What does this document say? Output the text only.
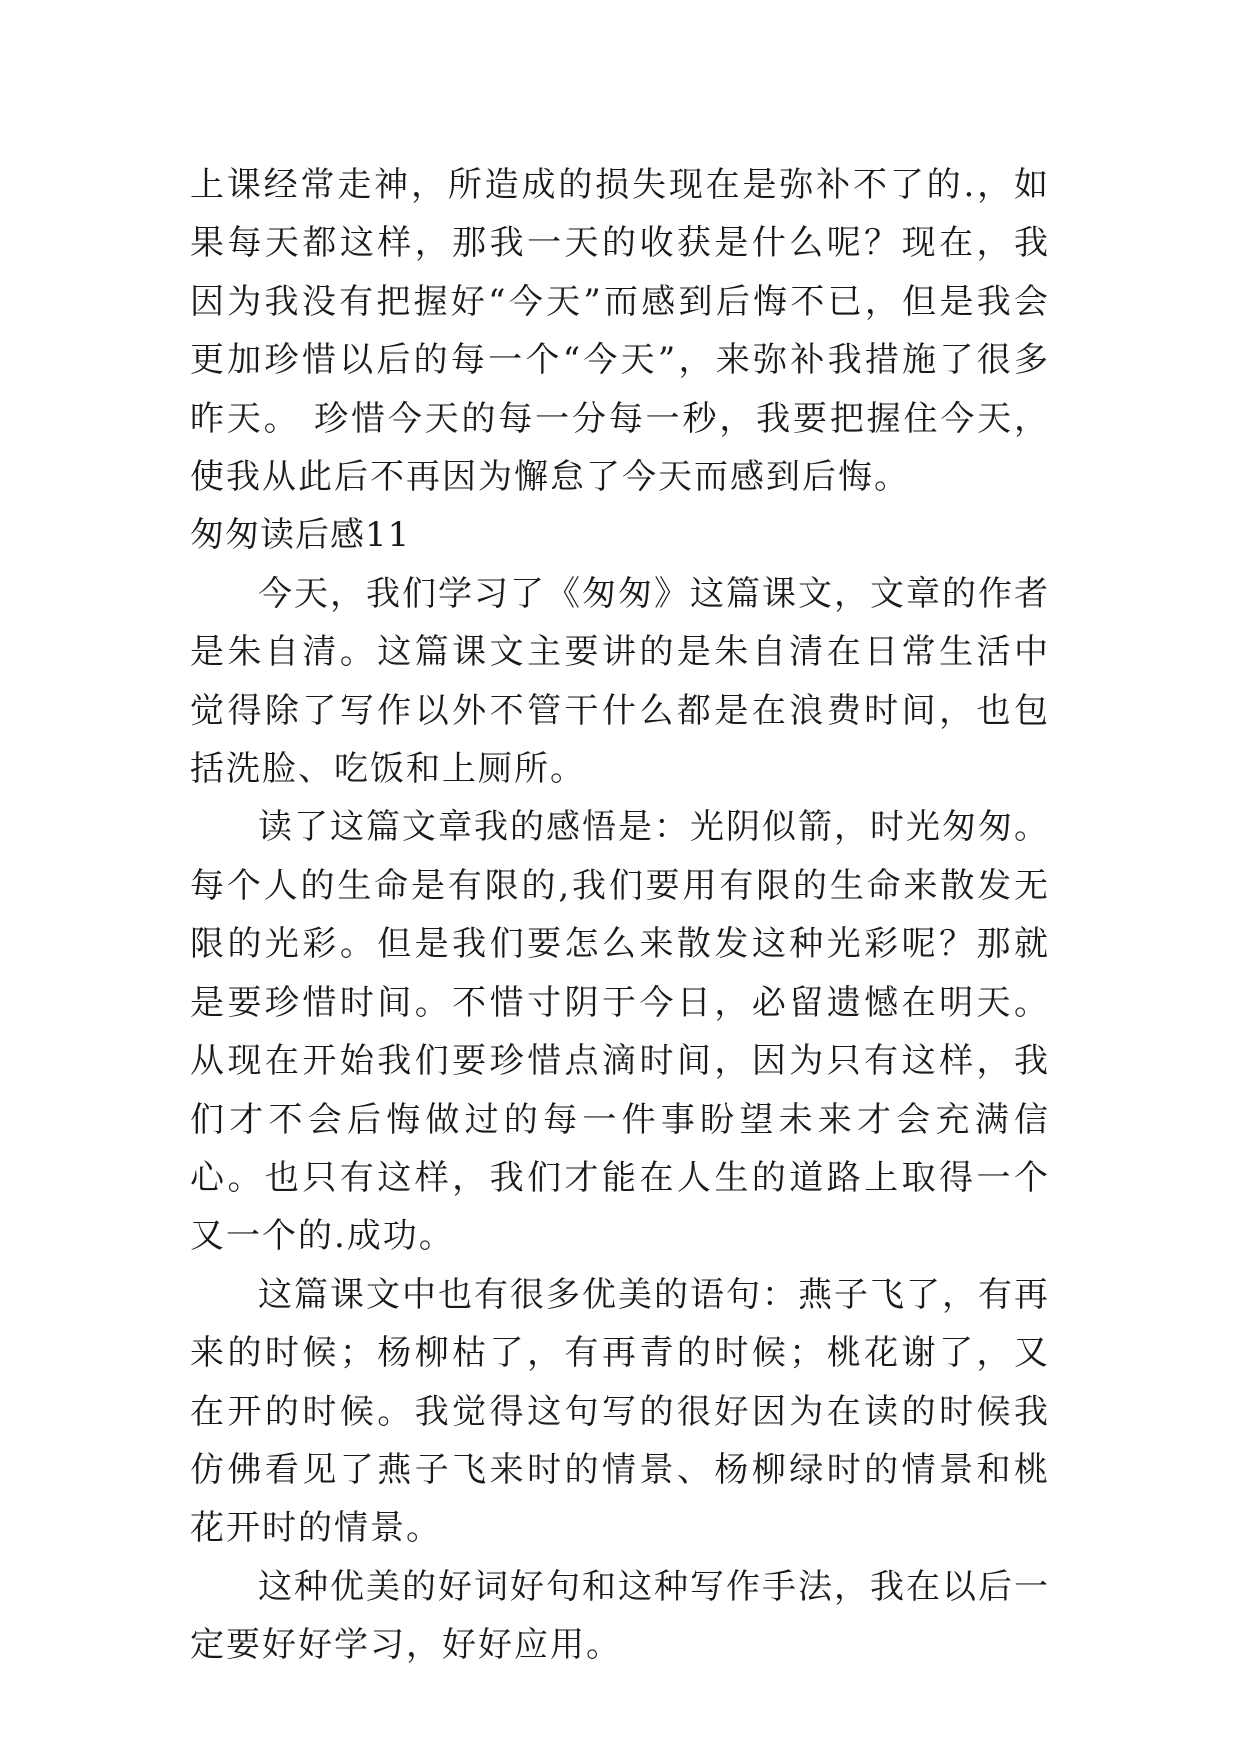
上课经常走神，所造成的损失现在是弥补不了的.，如果每天都这样，那我一天的收获是什么呢？现在，我因为我没有把握好“今天”而感到后悔不已，但是我会更加珍惜以后的每一个“今天”，来弥补我措施了很多昨天。 珍惜今天的每一分每一秒，我要把握住今天，使我从此后不再因为懈怠了今天而感到后悔。

匆匆读后感11

今天，我们学习了《匆匆》这篇课文，文章的作者是朱自清。这篇课文主要讲的是朱自清在日常生活中觉得除了写作以外不管干什么都是在浪费时间，也包括洗脸、吃饭和上厕所。

读了这篇文章我的感悟是：光阴似箭，时光匆匆。每个人的生命是有限的,我们要用有限的生命来散发无限的光彩。但是我们要怎么来散发这种光彩呢？那就是要珍惜时间。不惜寸阴于今日，必留遗憾在明天。从现在开始我们要珍惜点滴时间，因为只有这样，我们才不会后悔做过的每一件事盼望未来才会充满信心。也只有这样，我们才能在人生的道路上取得一个又一个的.成功。

这篇课文中也有很多优美的语句：燕子飞了，有再来的时候；杨柳枯了，有再青的时候；桃花谢了，又在开的时候。我觉得这句写的很好因为在读的时候我仿佛看见了燕子飞来时的情景、杨柳绿时的情景和桃花开时的情景。

这种优美的好词好句和这种写作手法，我在以后一定要好好学习，好好应用。
